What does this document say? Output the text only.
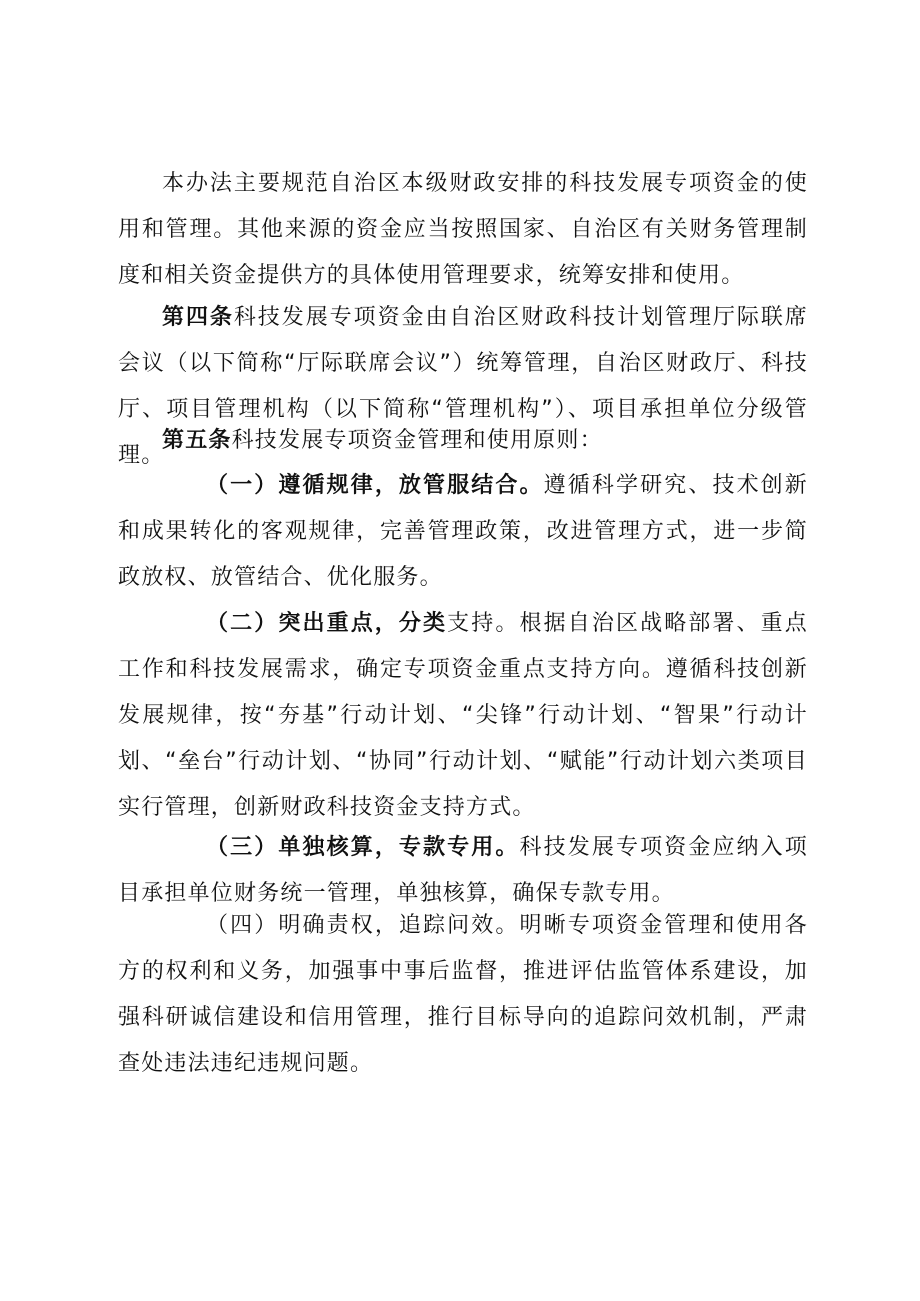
本办法主要规范自治区本级财政安排的科技发展专项资金的使用和管理。其他来源的资金应当按照国家、自治区有关财务管理制度和相关资金提供方的具体使用管理要求，统筹安排和使用。

第四条科技发展专项资金由自治区财政科技计划管理厅际联席会议（以下简称“厅际联席会议”）统筹管理，自治区财政厅、科技厅、项目管理机构（以下简称“管理机构”）、项目承担单位分级管理。

第五条科技发展专项资金管理和使用原则：

（一）遵循规律，放管服结合。遵循科学研究、技术创新和成果转化的客观规律，完善管理政策，改进管理方式，进一步简政放权、放管结合、优化服务。

（二）突出重点，分类支持。根据自治区战略部署、重点工作和科技发展需求，确定专项资金重点支持方向。遵循科技创新发展规律，按“夯基”行动计划、“尖锋”行动计划、“智果”行动计划、“垒台”行动计划、“协同”行动计划、“赋能”行动计划六类项目实行管理，创新财政科技资金支持方式。

（三）单独核算，专款专用。科技发展专项资金应纳入项目承担单位财务统一管理，单独核算，确保专款专用。

（四）明确责权，追踪问效。明晰专项资金管理和使用各方的权利和义务，加强事中事后监督，推进评估监管体系建设，加强科研诚信建设和信用管理，推行目标导向的追踪问效机制，严肃查处违法违纪违规问题。
